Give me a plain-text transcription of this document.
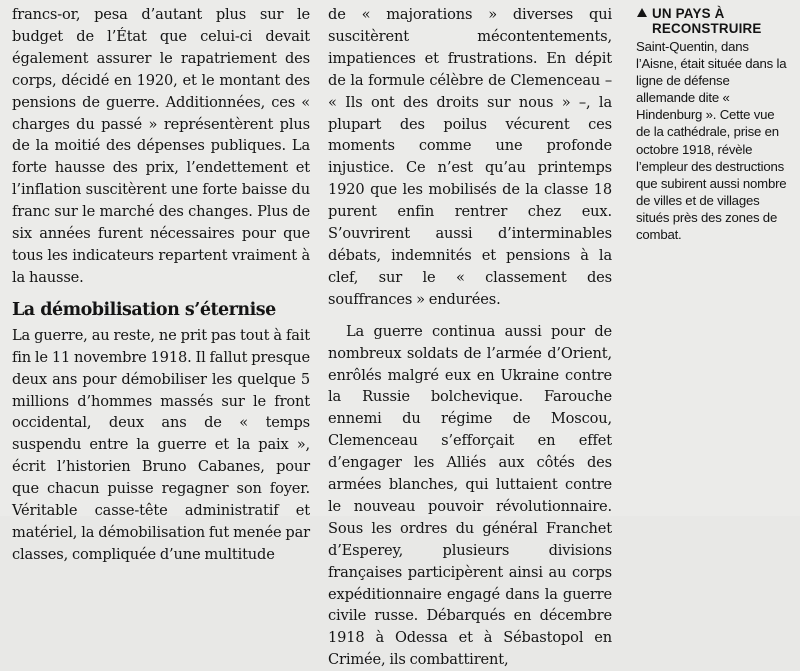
francs-or, pesa d’autant plus sur le budget de l’État que celui-ci devait également assurer le rapatriement des corps, décidé en 1920, et le montant des pensions de guerre. Additionnées, ces « charges du passé » représentèrent plus de la moitié des dépenses publiques. La forte hausse des prix, l’endettement et l’inflation suscitèrent une forte baisse du franc sur le marché des changes. Plus de six années furent nécessaires pour que tous les indicateurs repartent vraiment à la hausse.

La démobilisation s’éternise

La guerre, au reste, ne prit pas tout à fait fin le 11 novembre 1918. Il fallut presque deux ans pour démobiliser les quelque 5 millions d’hommes massés sur le front occidental, deux ans de « temps suspendu entre la guerre et la paix », écrit l’historien Bruno Cabanes, pour que chacun puisse regagner son foyer. Véritable casse-tête administratif et matériel, la démobilisation fut menée par classes, compliquée d’une multitude

de « majorations » diverses qui suscitèrent mécontentements, impatiences et frustrations. En dépit de la formule célèbre de Clemenceau – « Ils ont des droits sur nous » –, la plupart des poilus vécurent ces moments comme une profonde injustice. Ce n’est qu’au printemps 1920 que les mobilisés de la classe 18 purent enfin rentrer chez eux. S’ouvrirent aussi d’interminables débats, indemnités et pensions à la clef, sur le « classement des souffrances » endurées.

La guerre continua aussi pour de nombreux soldats de l’armée d’Orient, enrôlés malgré eux en Ukraine contre la Russie bolchevique. Farouche ennemi du régime de Moscou, Clemenceau s’efforçait en effet d’engager les Alliés aux côtés des armées blanches, qui luttaient contre le nouveau pouvoir révolutionnaire. Sous les ordres du général Franchet d’Esperey, plusieurs divisions françaises participèrent ainsi au corps expéditionnaire engagé dans la guerre civile russe. Débarqués en décembre 1918 à Odessa et à Sébastopol en Crimée, ils combattirent,

UN PAYS À RECONSTRUIRE

Saint-Quentin, dans l’Aisne, était située dans la ligne de défense allemande dite « Hindenburg ». Cette vue de la cathédrale, prise en octobre 1918, révèle l’empleur des destructions que subirent aussi nombre de villes et de villages situés près des zones de combat.
